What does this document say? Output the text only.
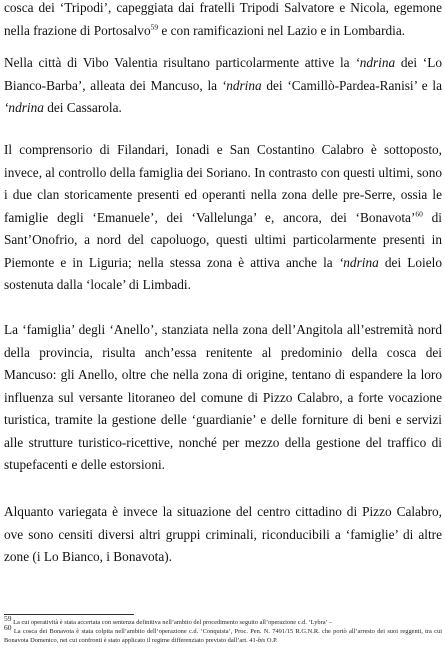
cosca dei ‘Tripodi’, capeggiata dai fratelli Tripodi Salvatore e Nicola, egemone nella frazione di Portosalvo$^{59}$ e con ramificazioni nel Lazio e in Lombardia.

Nella città di Vibo Valentia risultano particolarmente attive la ‘ndrina dei ‘Lo Bianco-Barba’, alleata dei Mancuso, la ‘ndrina dei ‘Camillò-Pardea-Ranisi’ e la ‘ndrina dei Cassarola.

Il comprensorio di Filandari, Ionadi e San Costantino Calabro è sottoposto, invece, al controllo della famiglia dei Soriano. In contrasto con questi ultimi, sono i due clan storicamente presenti ed operanti nella zona delle pre-Serre, ossia le famiglie degli ‘Emanuele’, dei ‘Vallelunga’ e, ancora, dei ‘Bonavota’$^{60}$ di Sant’Onofrio, a nord del capoluogo, questi ultimi particolarmente presenti in Piemonte e in Liguria; nella stessa zona è attiva anche la ‘ndrina dei Loielo sostenuta dalla ‘locale’ di Limbadi.

La ‘famiglia’ degli ‘Anello’, stanziata nella zona dell’Angitola all’estremità nord della provincia, risulta anch’essa renitente al predominio della cosca dei Mancuso: gli Anello, oltre che nella zona di origine, tentano di espandere la loro influenza sul versante litoraneo del comune di Pizzo Calabro, a forte vocazione turistica, tramite la gestione delle ‘guardianie’ e delle forniture di beni e servizi alle strutture turistico-ricettive, nonché per mezzo della gestione del traffico di stupefacenti e delle estorsioni.

Alquanto variegata è invece la situazione del centro cittadino di Pizzo Calabro, ove sono censiti diversi altri gruppi criminali, riconducibili a ‘famiglie’ di altre zone (i Lo Bianco, i Bonavota).

$^{59}$ La cui operatività è stata accertata con sentenza definitiva nell’ambito del procedimento seguito all’operazione c.d. ‘Lybra’ –

$^{60}$ La cosca dei Bonavota è stata colpita nell’ambito dell’operazione c.d. ‘Conquista’, Proc. Pen. N. 7491/15 R.G.N.R. che portò all’arresto dei suoi reggenti, tra cui Bonavota Domenico, nei cui confronti è stato applicato il regime differenziato previsto dall’art. 41-bis O.P.
